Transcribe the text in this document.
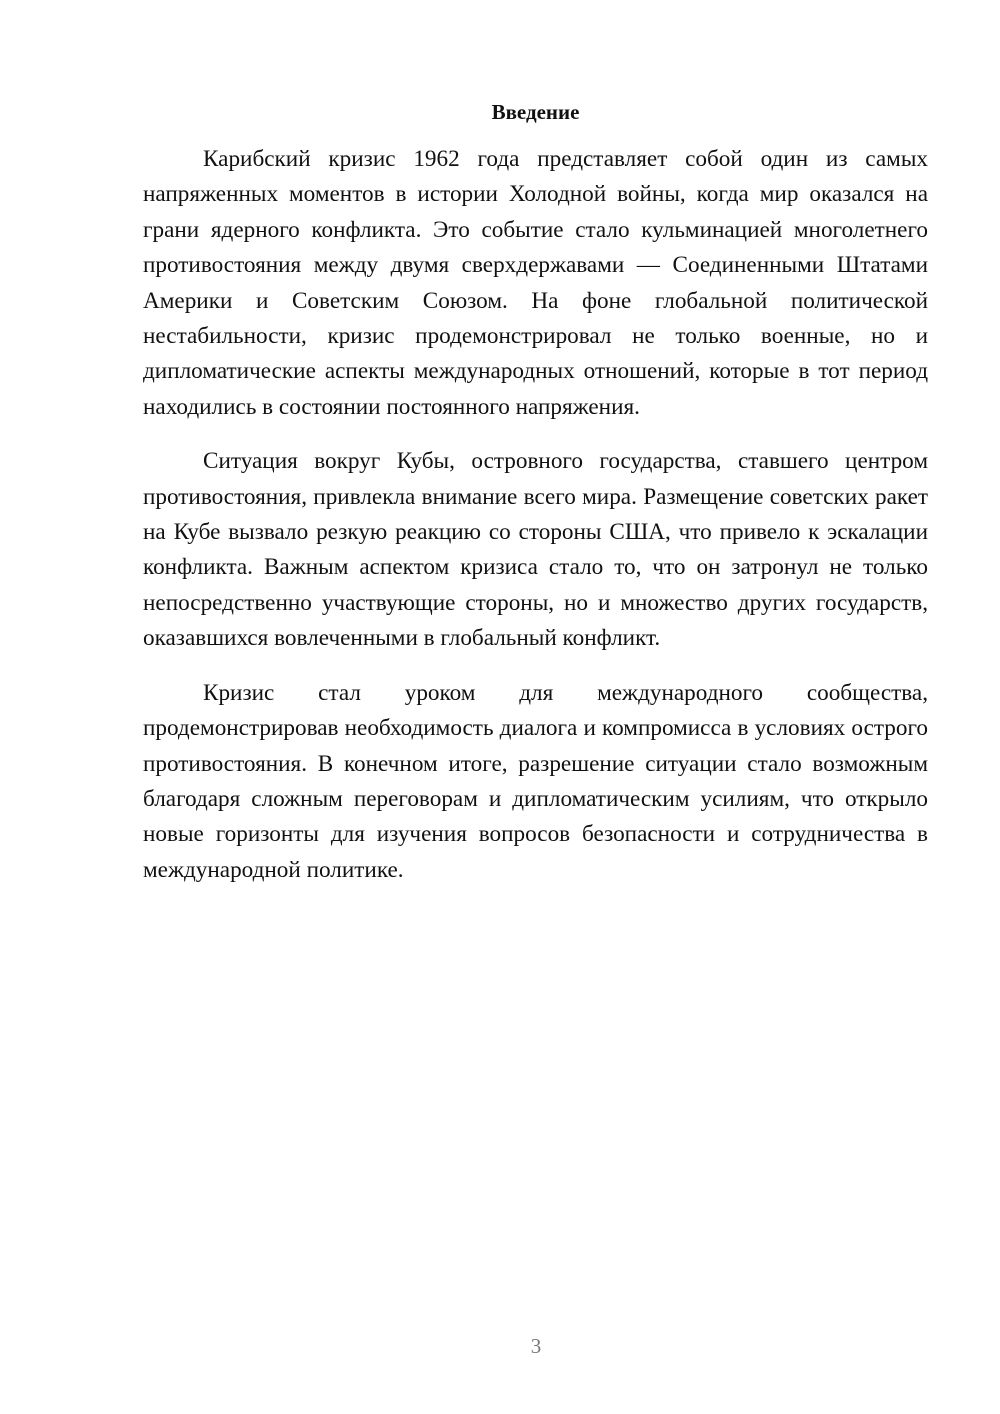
Введение

Карибский кризис 1962 года представляет собой один из самых напряженных моментов в истории Холодной войны, когда мир оказался на грани ядерного конфликта. Это событие стало кульминацией многолетнего противостояния между двумя сверхдержавами — Соединенными Штатами Америки и Советским Союзом. На фоне глобальной политической нестабильности, кризис продемонстрировал не только военные, но и дипломатические аспекты международных отношений, которые в тот период находились в состоянии постоянного напряжения.

Ситуация вокруг Кубы, островного государства, ставшего центром противостояния, привлекла внимание всего мира. Размещение советских ракет на Кубе вызвало резкую реакцию со стороны США, что привело к эскалации конфликта. Важным аспектом кризиса стало то, что он затронул не только непосредственно участвующие стороны, но и множество других государств, оказавшихся вовлеченными в глобальный конфликт.

Кризис стал уроком для международного сообщества, продемонстрировав необходимость диалога и компромисса в условиях острого противостояния. В конечном итоге, разрешение ситуации стало возможным благодаря сложным переговорам и дипломатическим усилиям, что открыло новые горизонты для изучения вопросов безопасности и сотрудничества в международной политике.

3
